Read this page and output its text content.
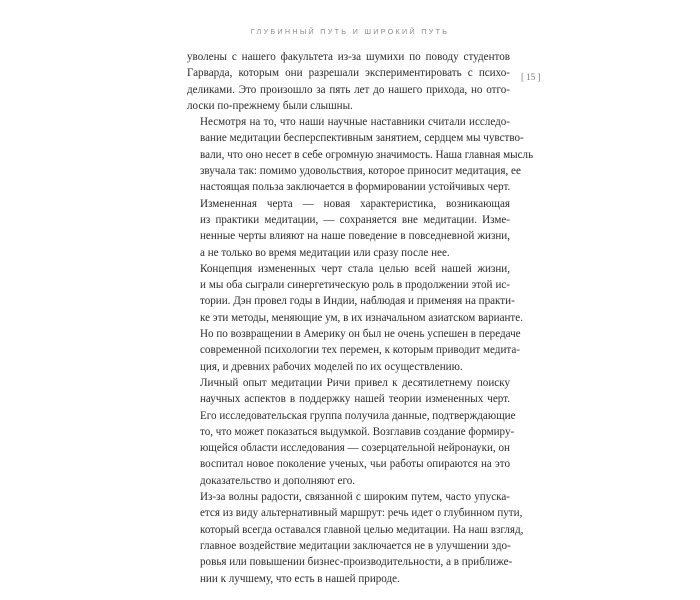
ГЛУБИННЫЙ ПУТЬ И ШИРОКИЙ ПУТЬ
[ 15 ]

уволены с нашего факультета из-за шумихи по поводу студентов
Гарварда, которым они разрешали экспериментировать с психо-
деликами. Это произошло за пять лет до нашего прихода, но отго-
лоски по-прежнему были слышны.

Несмотря на то, что наши научные наставники считали исследо-
вание медитации бесперспективным занятием, сердцем мы чувство-
вали, что оно несет в себе огромную значимость. Наша главная мысль
звучала так: помимо удовольствия, которое приносит медитация, ее
настоящая польза заключается в формировании устойчивых черт.

Измененная черта — новая характеристика, возникающая
из практики медитации, — сохраняется вне медитации. Изме-
ненные черты влияют на наше поведение в повседневной жизни,
а не только во время медитации или сразу после нее.

Концепция измененных черт стала целью всей нашей жизни,
и мы оба сыграли синергетическую роль в продолжении этой ис-
тории. Дэн провел годы в Индии, наблюдая и применяя на практи-
ке эти методы, меняющие ум, в их изначальном азиатском варианте.
Но по возвращении в Америку он был не очень успешен в передаче
современной психологии тех перемен, к которым приводит медита-
ция, и древних рабочих моделей по их осуществлению.

Личный опыт медитации Ричи привел к десятилетнему поиску
научных аспектов в поддержку нашей теории измененных черт.
Его исследовательская группа получила данные, подтверждающие
то, что может показаться выдумкой. Возглавив создание формиру-
ющейся области исследования — созерцательной нейронауки, он
воспитал новое поколение ученых, чьи работы опираются на это
доказательство и дополняют его.

Из-за волны радости, связанной с широким путем, часто упуска-
ется из виду альтернативный маршрут: речь идет о глубинном пути,
который всегда оставался главной целью медитации. На наш взгляд,
главное воздействие медитации заключается не в улучшении здо-
ровья или повышении бизнес-производительности, а в приближе-
нии к лучшему, что есть в нашей природе.
